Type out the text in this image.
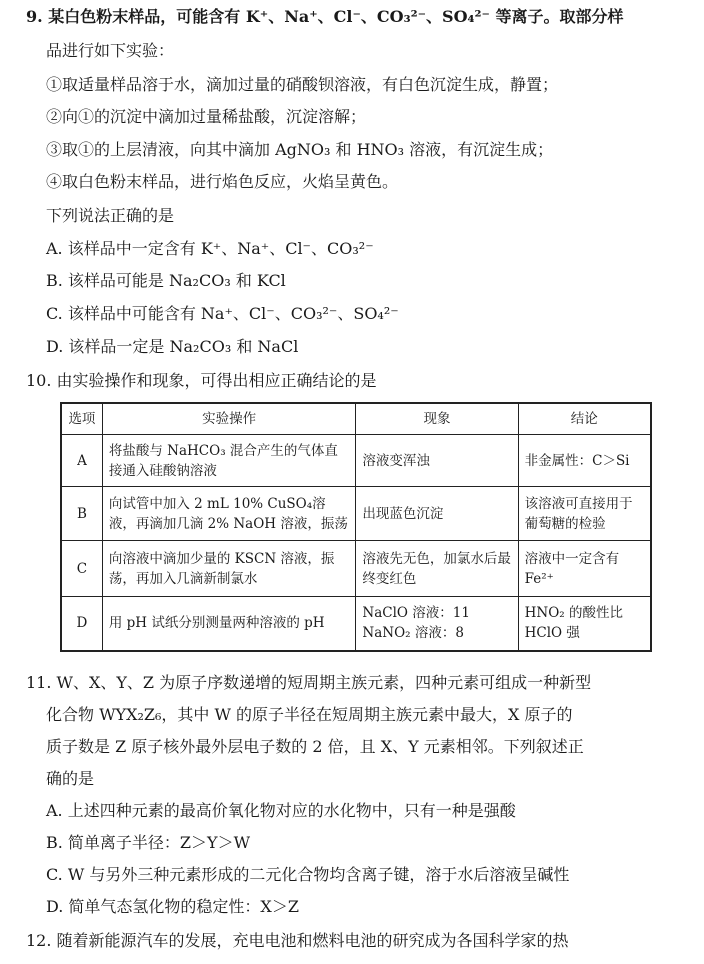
9. 某白色粉末样品，可能含有 K⁺、Na⁺、Cl⁻、CO₃²⁻、SO₄²⁻ 等离子。取部分样
品进行如下实验：
①取适量样品溶于水，滴加过量的硝酸钡溶液，有白色沉淀生成，静置；
②向①的沉淀中滴加过量稀盐酸，沉淀溶解；
③取①的上层清液，向其中滴加 AgNO₃ 和 HNO₃ 溶液，有沉淀生成；
④取白色粉末样品，进行焰色反应，火焰呈黄色。
下列说法正确的是
A. 该样品中一定含有 K⁺、Na⁺、Cl⁻、CO₃²⁻
B. 该样品可能是 Na₂CO₃ 和 KCl
C. 该样品中可能含有 Na⁺、Cl⁻、CO₃²⁻、SO₄²⁻
D. 该样品一定是 Na₂CO₃ 和 NaCl
10. 由实验操作和现象，可得出相应正确结论的是
选项	实验操作	现象	结论
A	将盐酸与 NaHCO₃ 混合产生的气体直接通入硅酸钠溶液	溶液变浑浊	非金属性：C＞Si
B	向试管中加入 2 mL 10% CuSO₄溶液，再滴加几滴 2% NaOH 溶液，振荡	出现蓝色沉淀	该溶液可直接用于葡萄糖的检验
C	向溶液中滴加少量的 KSCN 溶液，振荡，再加入几滴新制氯水	溶液先无色，加氯水后最终变红色	溶液中一定含有 Fe²⁺
D	用 pH 试纸分别测量两种溶液的 pH	NaClO 溶液：11　NaNO₂ 溶液：8	HNO₂ 的酸性比 HClO 强
11. W、X、Y、Z 为原子序数递增的短周期主族元素，四种元素可组成一种新型
化合物 WYX₂Z₆，其中 W 的原子半径在短周期主族元素中最大，X 原子的
质子数是 Z 原子核外最外层电子数的 2 倍，且 X、Y 元素相邻。下列叙述正
确的是
A. 上述四种元素的最高价氧化物对应的水化物中，只有一种是强酸
B. 简单离子半径：Z＞Y＞W
C. W 与另外三种元素形成的二元化合物均含离子键，溶于水后溶液呈碱性
D. 简单气态氢化物的稳定性：X＞Z
12. 随着新能源汽车的发展，充电电池和燃料电池的研究成为各国科学家的热
